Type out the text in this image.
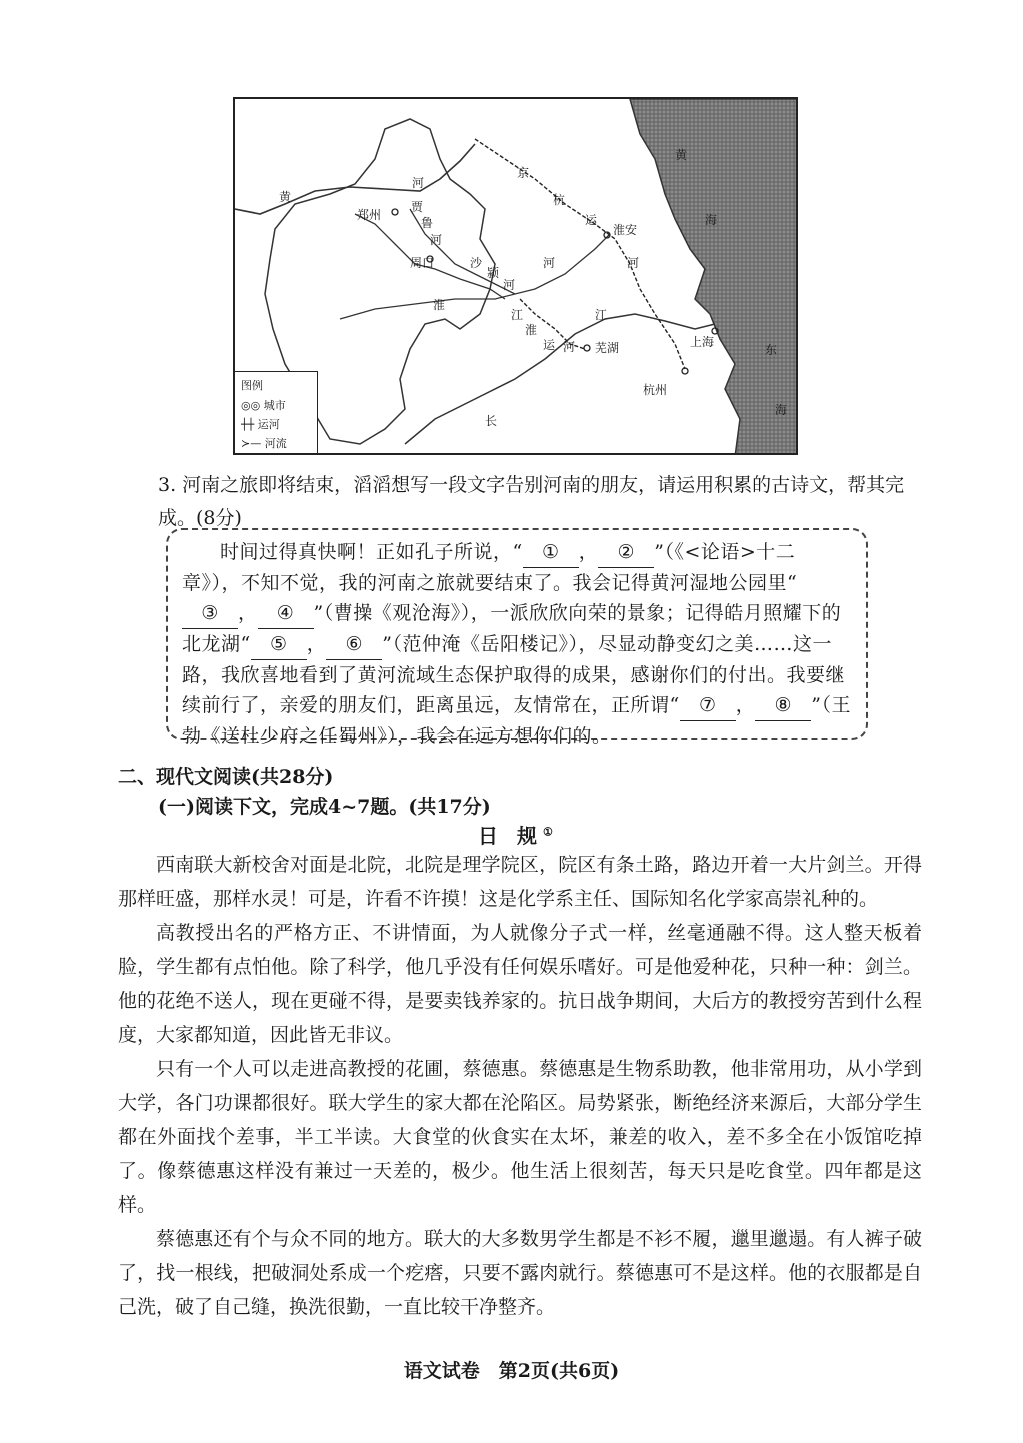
黄
河
郑州
贾
鲁
河
周口	沙
颍
河
淮
江
淮
运 河 芜湖
长
京
杭
运
淮安
河	河
江
上海
杭州
黄
海
东
海
图例
◎◎ 城市
┼┼ 运河
≻— 河流
3. 河南之旅即将结束，滔滔想写一段文字告别河南的朋友，请运用积累的古诗文，帮其完成。(8分)
时间过得真快啊！正如孔子所说，“ ① ， ② ”（《<论语>十二章》），不知不觉，我的河南之旅就要结束了。我会记得黄河湿地公园里“③ ， ④ ”（曹操《观沧海》），一派欣欣向荣的景象；记得皓月照耀下的北龙湖“ ⑤ ， ⑥ ”（范仲淹《岳阳楼记》），尽显动静变幻之美……这一路，我欣喜地看到了黄河流域生态保护取得的成果，感谢你们的付出。我要继续前行了，亲爱的朋友们，距离虽远，友情常在，正所谓“ ⑦ ， ⑧ ”（王勃《送杜少府之任蜀州》），我会在远方想你们的。
二、现代文阅读(共28分)
(一)阅读下文，完成4~7题。(共17分)
日 规①

西南联大新校舍对面是北院，北院是理学院区，院区有条土路，路边开着一大片剑兰。开得那样旺盛，那样水灵！可是，许看不许摸！这是化学系主任、国际知名化学家高崇礼种的。

高教授出名的严格方正、不讲情面，为人就像分子式一样，丝毫通融不得。这人整天板着脸，学生都有点怕他。除了科学，他几乎没有任何娱乐嗜好。可是他爱种花，只种一种：剑兰。他的花绝不送人，现在更碰不得，是要卖钱养家的。抗日战争期间，大后方的教授穷苦到什么程度，大家都知道，因此皆无非议。

只有一个人可以走进高教授的花圃，蔡德惠。蔡德惠是生物系助教，他非常用功，从小学到大学，各门功课都很好。联大学生的家大都在沦陷区。局势紧张，断绝经济来源后，大部分学生都在外面找个差事，半工半读。大食堂的伙食实在太坏，兼差的收入，差不多全在小饭馆吃掉了。像蔡德惠这样没有兼过一天差的，极少。他生活上很刻苦，每天只是吃食堂。四年都是这样。

蔡德惠还有个与众不同的地方。联大的大多数男学生都是不衫不履，邋里邋遢。有人裤子破了，找一根线，把破洞处系成一个疙瘩，只要不露肉就行。蔡德惠可不是这样。他的衣服都是自己洗，破了自己缝，换洗很勤，一直比较干净整齐。

语文试卷　第2页(共6页)
